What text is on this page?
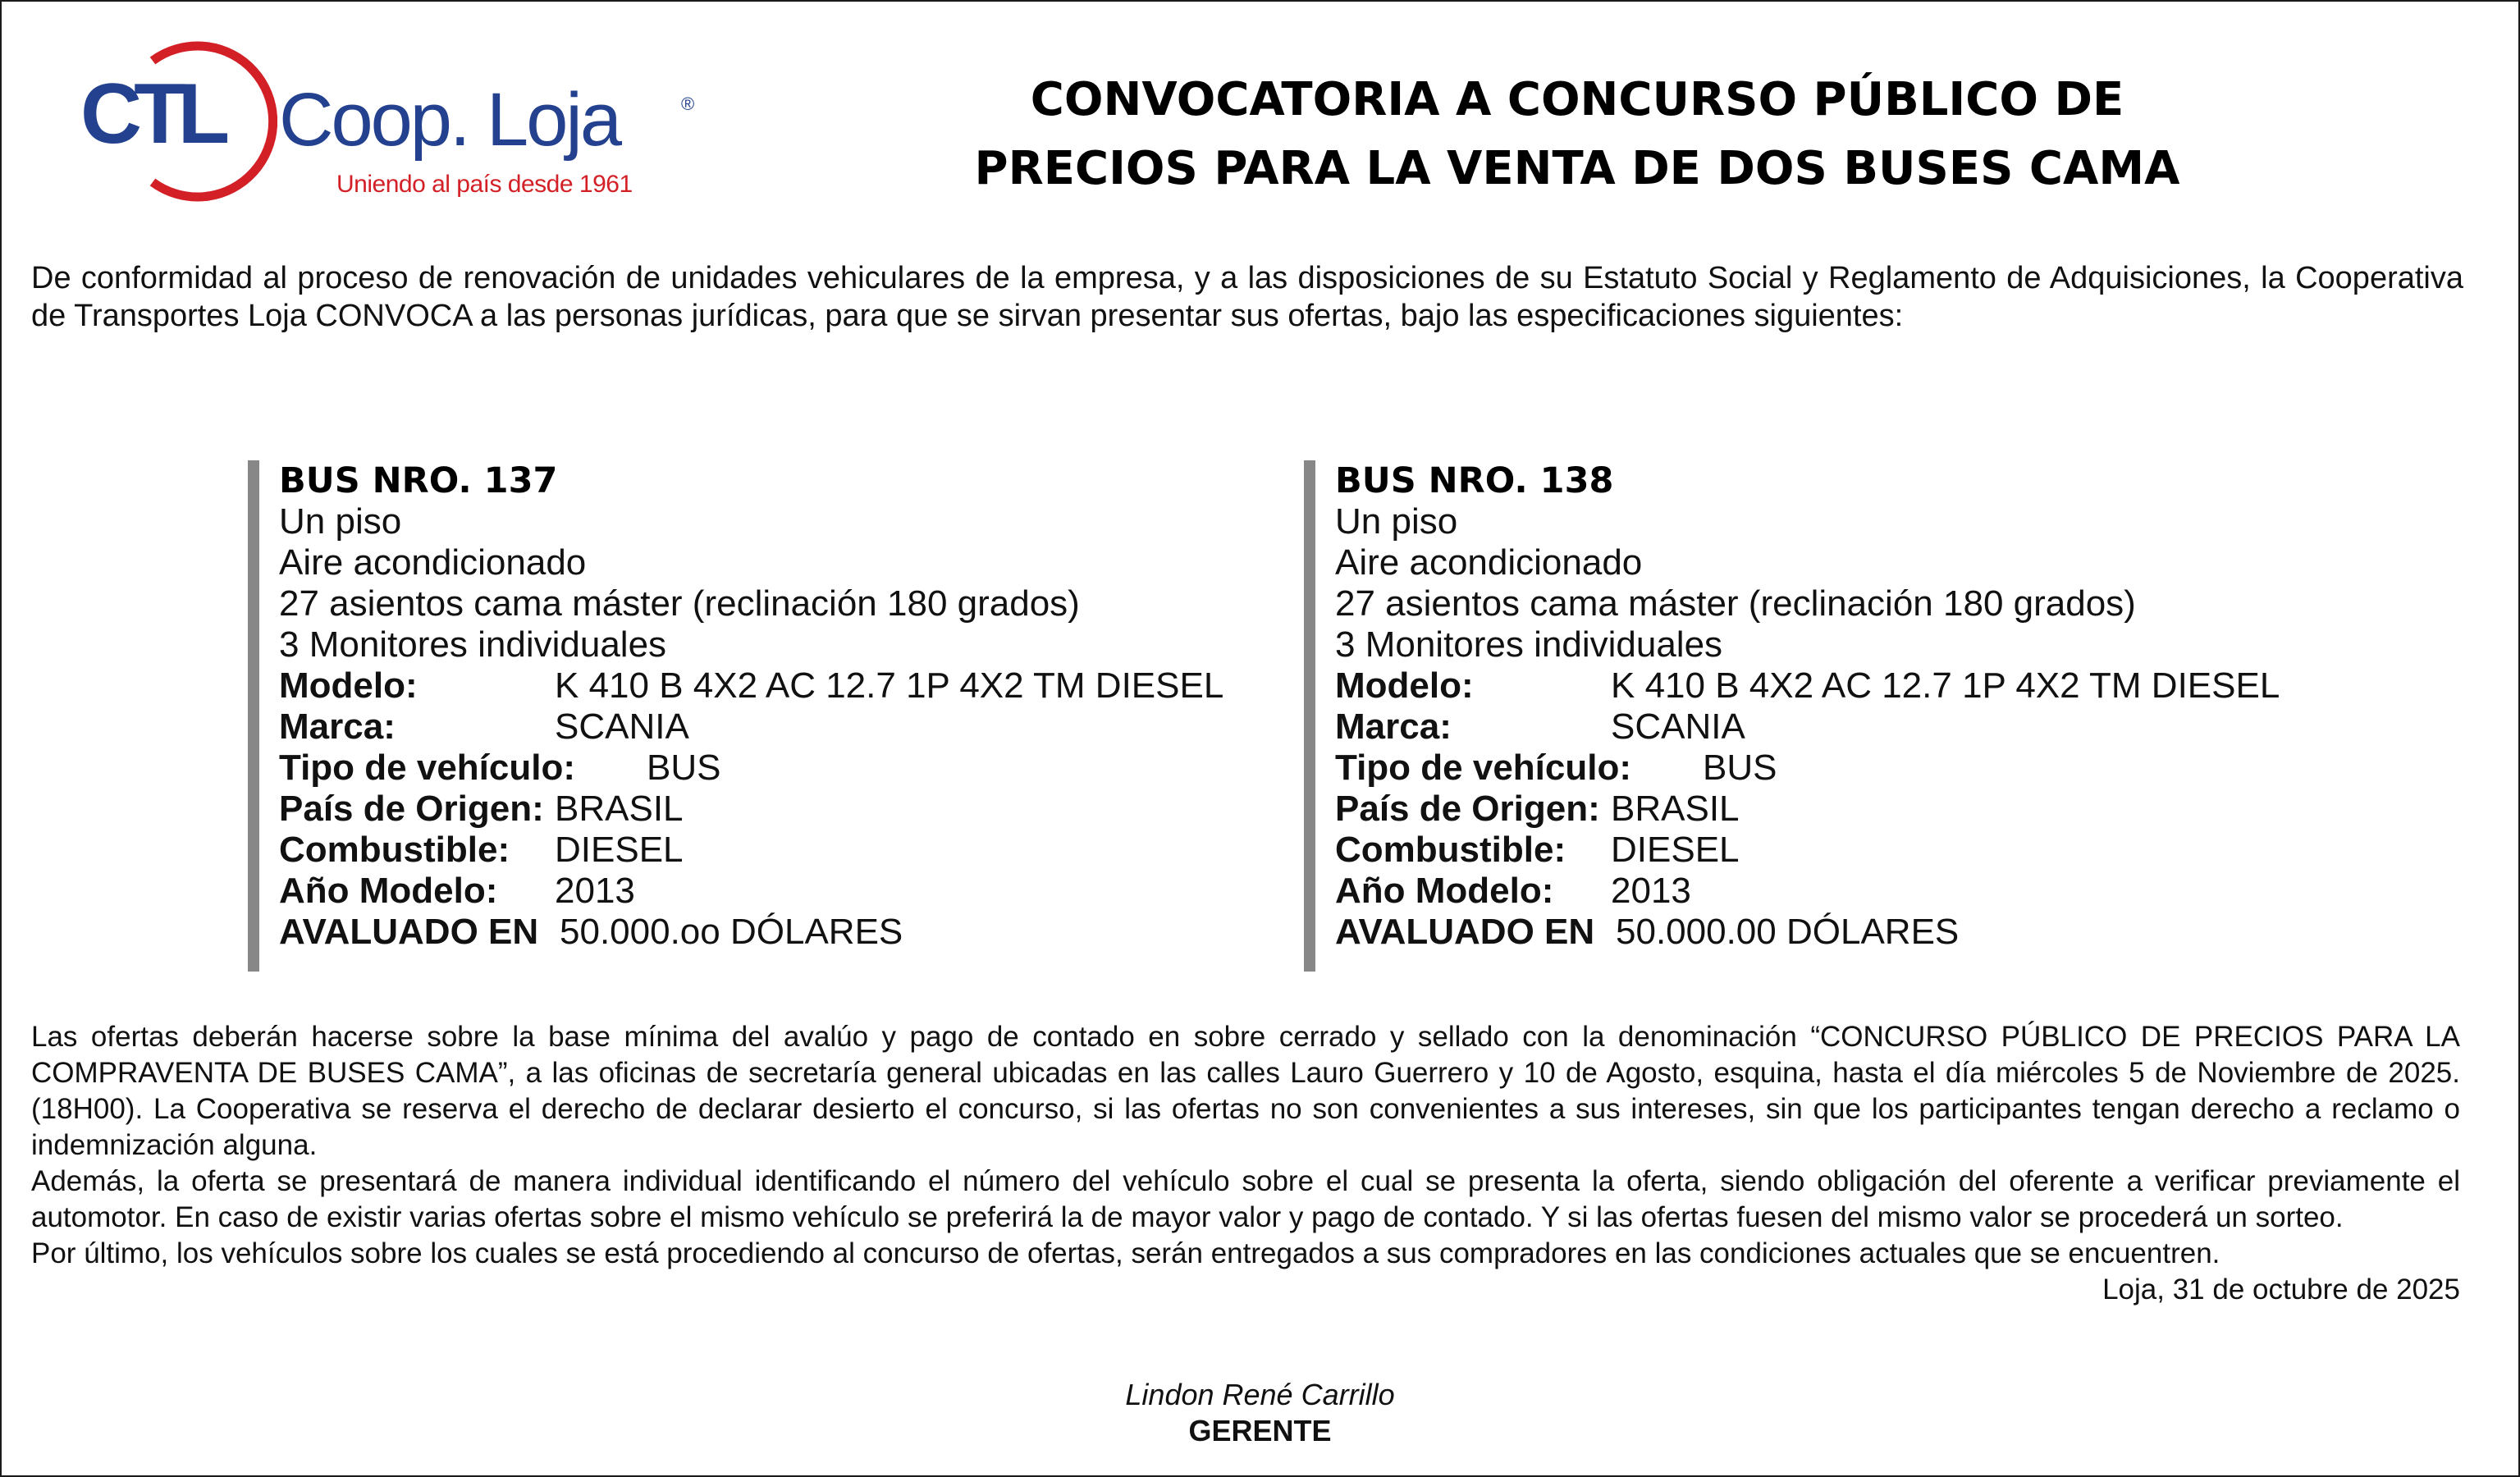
CTL Coop. Loja	®
Uniendo al país desde 1961
CONVOCATORIA A CONCURSO PÚBLICO DE
PRECIOS PARA LA VENTA DE DOS BUSES CAMA
De conformidad al proceso de renovación de unidades vehiculares de la empresa, y a las disposiciones de su Estatuto Social y Reglamento de Adquisiciones, la Cooperativa de Transportes Loja CONVOCA a las personas jurídicas, para que se sirvan presentar sus ofertas, bajo las especificaciones siguientes:
BUS NRO. 137
Un piso
Aire acondicionado
27 asientos cama máster (reclinación 180 grados)
3 Monitores individuales
Modelo:	K 410 B 4X2 AC 12.7 1P 4X2 TM DIESEL
Marca:	SCANIA
Tipo de vehículo: BUS
País de Origen: BRASIL
Combustible: DIESEL
Año Modelo: 2013
AVALUADO EN 50.000.oo DÓLARES
BUS NRO. 138
Un piso
Aire acondicionado
27 asientos cama máster (reclinación 180 grados)
3 Monitores individuales
Modelo:	K 410 B 4X2 AC 12.7 1P 4X2 TM DIESEL
Marca:	SCANIA
Tipo de vehículo: BUS
País de Origen: BRASIL
Combustible: DIESEL
Año Modelo: 2013
AVALUADO EN 50.000.00 DÓLARES

Las ofertas deberán hacerse sobre la base mínima del avalúo y pago de contado en sobre cerrado y sellado con la denominación “CONCURSO PÚBLICO DE PRECIOS PARA LA COMPRAVENTA DE BUSES CAMA”, a las oficinas de secretaría general ubicadas en las calles Lauro Guerrero y 10 de Agosto, esquina, hasta el día miércoles 5 de Noviembre de 2025. (18H00). La Cooperativa se reserva el derecho de declarar desierto el concurso, si las ofertas no son convenientes a sus intereses, sin que los participantes tengan derecho a reclamo o indemnización alguna.

Además, la oferta se presentará de manera individual identificando el número del vehículo sobre el cual se presenta la oferta, siendo obligación del oferente a verificar previamente el automotor. En caso de existir varias ofertas sobre el mismo vehículo se preferirá la de mayor valor y pago de contado. Y si las ofertas fuesen del mismo valor se procederá un sorteo.

Por último, los vehículos sobre los cuales se está procediendo al concurso de ofertas, serán entregados a sus compradores en las condiciones actuales que se encuentren.

Loja, 31 de octubre de 2025

Lindon René Carrillo
GERENTE
